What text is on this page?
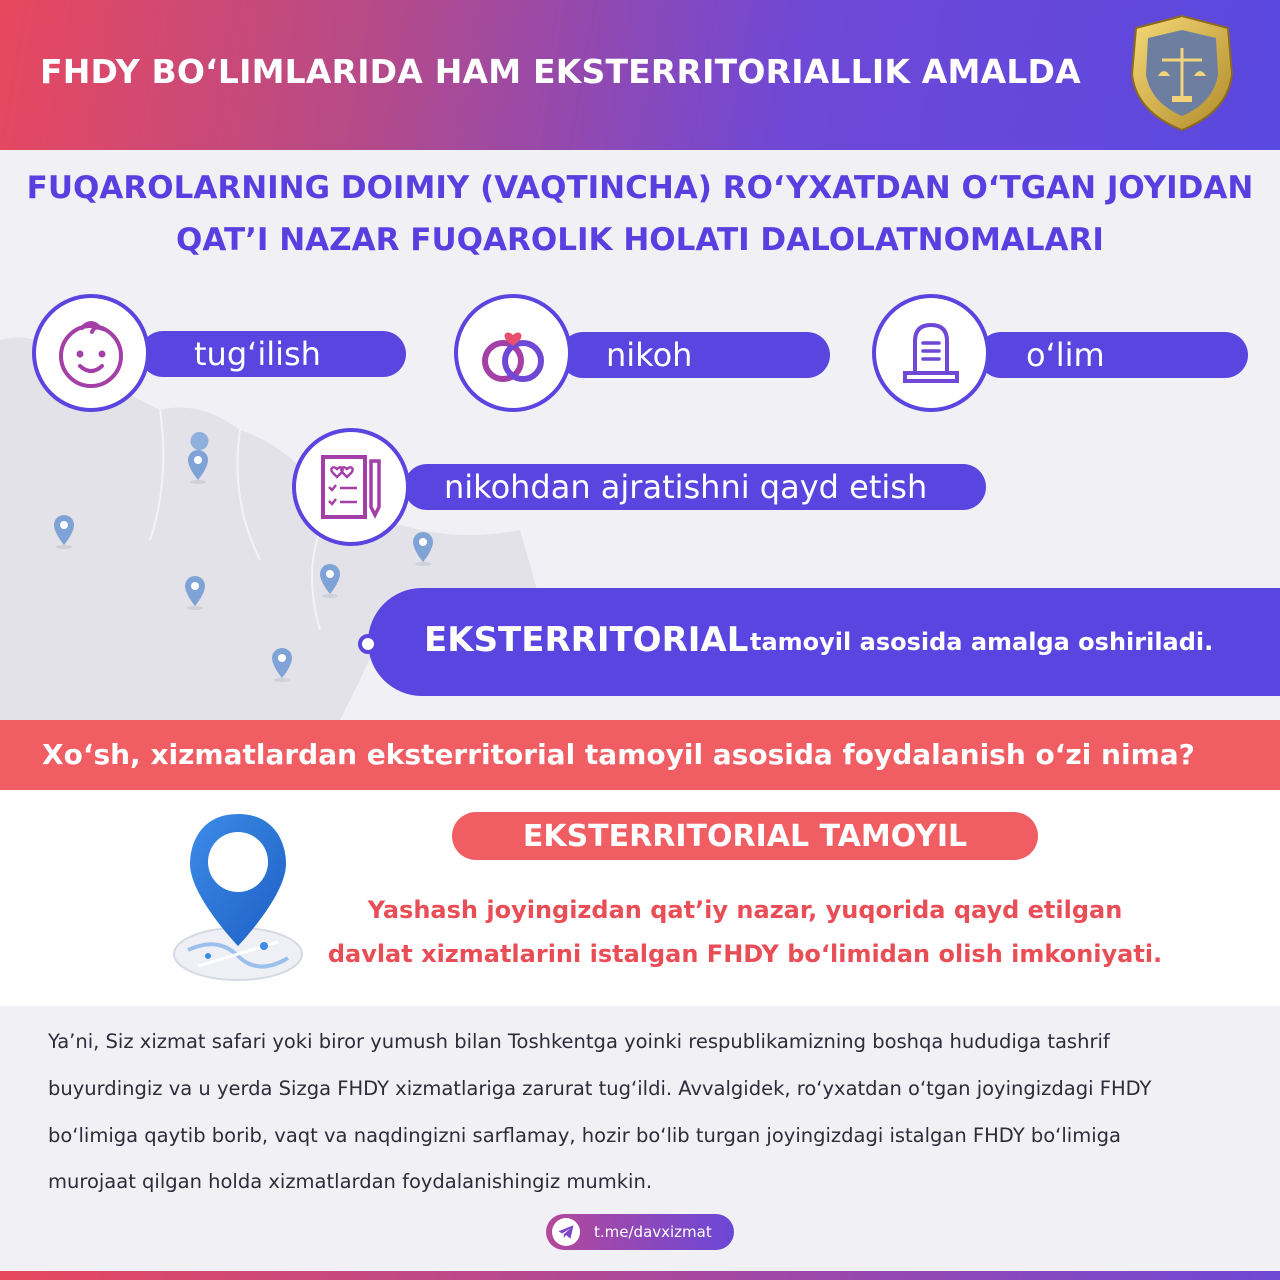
FHDY BOʻLIMLARIDA HAM EKSTERRITORIALLIK AMALDA
FUQAROLARNING DOIMIY (VAQTINCHA) ROʻYXATDAN OʻTGAN JOYIDAN
QAT’I NAZAR FUQAROLIK HOLATI DALOLATNOMALARI
tugʻilish	nikoh	oʻlim
nikohdan ajratishni qayd etish
EKSTERRITORIAL tamoyil asosida amalga oshiriladi.
Xoʻsh, xizmatlardan eksterritorial tamoyil asosida foydalanish oʻzi nima?
EKSTERRITORIAL TAMOYIL
Yashash joyingizdan qat’iy nazar, yuqorida qayd etilgan
davlat xizmatlarini istalgan FHDY boʻlimidan olish imkoniyati.
Ya’ni, Siz xizmat safari yoki biror yumush bilan Toshkentga yoinki respublikamizning boshqa hududiga tashrif
buyurdingiz va u yerda Sizga FHDY xizmatlariga zarurat tugʻildi. Avvalgidek, roʻyxatdan oʻtgan joyingizdagi FHDY
boʻlimiga qaytib borib, vaqt va naqdingizni sarflamay, hozir boʻlib turgan joyingizdagi istalgan FHDY boʻlimiga
murojaat qilgan holda xizmatlardan foydalanishingiz mumkin.
t.me/davxizmat
